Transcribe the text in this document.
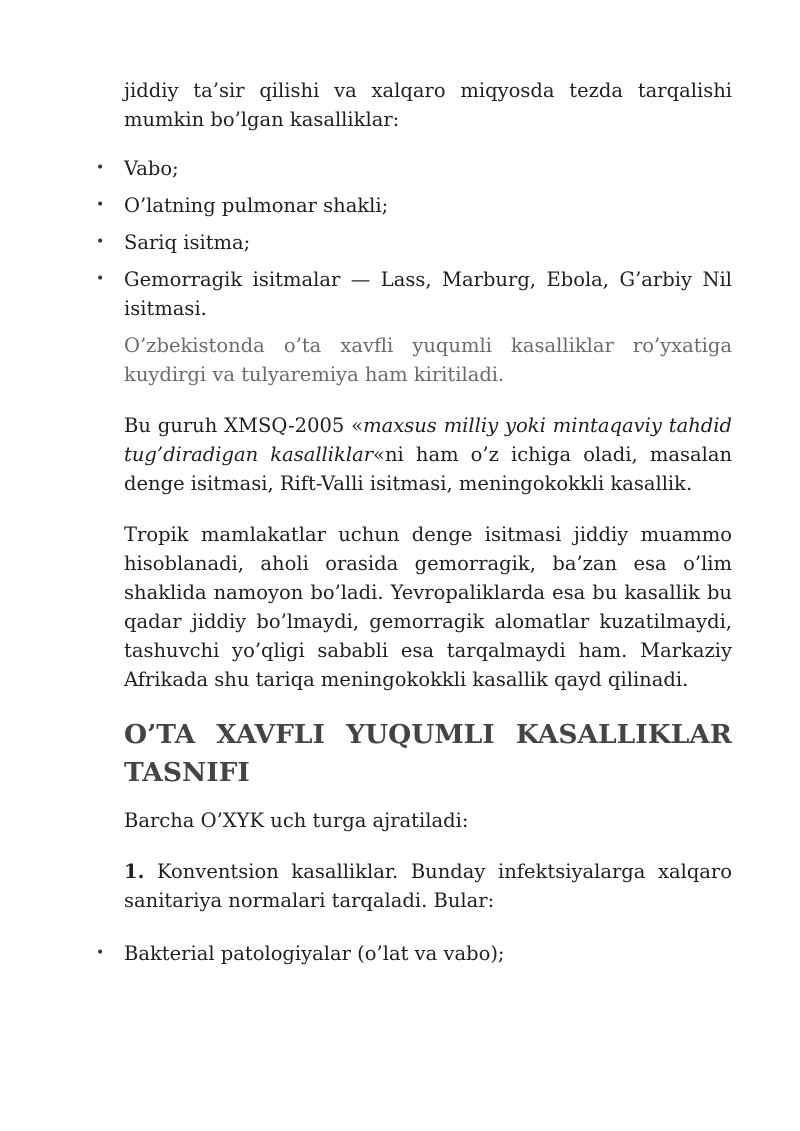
jiddiy ta’sir qilishi va xalqaro miqyosda tezda tarqalishi mumkin bo’lgan kasalliklar:

• Vabo;
• O’latning pulmonar shakli;
• Sariq isitma;
• Gemorragik isitmalar — Lass, Marburg, Ebola, G’arbiy Nil isitmasi.

O’zbekistonda o’ta xavfli yuqumli kasalliklar ro’yxatiga kuydirgi va tulyaremiya ham kiritiladi.

Bu guruh XMSQ-2005 «maxsus milliy yoki mintaqaviy tahdid tug’diradigan kasalliklar«ni ham o’z ichiga oladi, masalan denge isitmasi, Rift-Valli isitmasi, meningokokkli kasallik.

Tropik mamlakatlar uchun denge isitmasi jiddiy muammo hisoblanadi, aholi orasida gemorragik, ba’zan esa o’lim shaklida namoyon bo’ladi. Yevropaliklarda esa bu kasallik bu qadar jiddiy bo’lmaydi, gemorragik alomatlar kuzatilmaydi, tashuvchi yo’qligi sababli esa tarqalmaydi ham. Markaziy Afrikada shu tariqa meningokokkli kasallik qayd qilinadi.

O’TA XAVFLI YUQUMLI KASALLIKLAR
TASNIFI

Barcha O’XYK uch turga ajratiladi:

1. Konventsion kasalliklar. Bunday infektsiyalarga xalqaro sanitariya normalari tarqaladi. Bular:

• Bakterial patologiyalar (o’lat va vabo);
